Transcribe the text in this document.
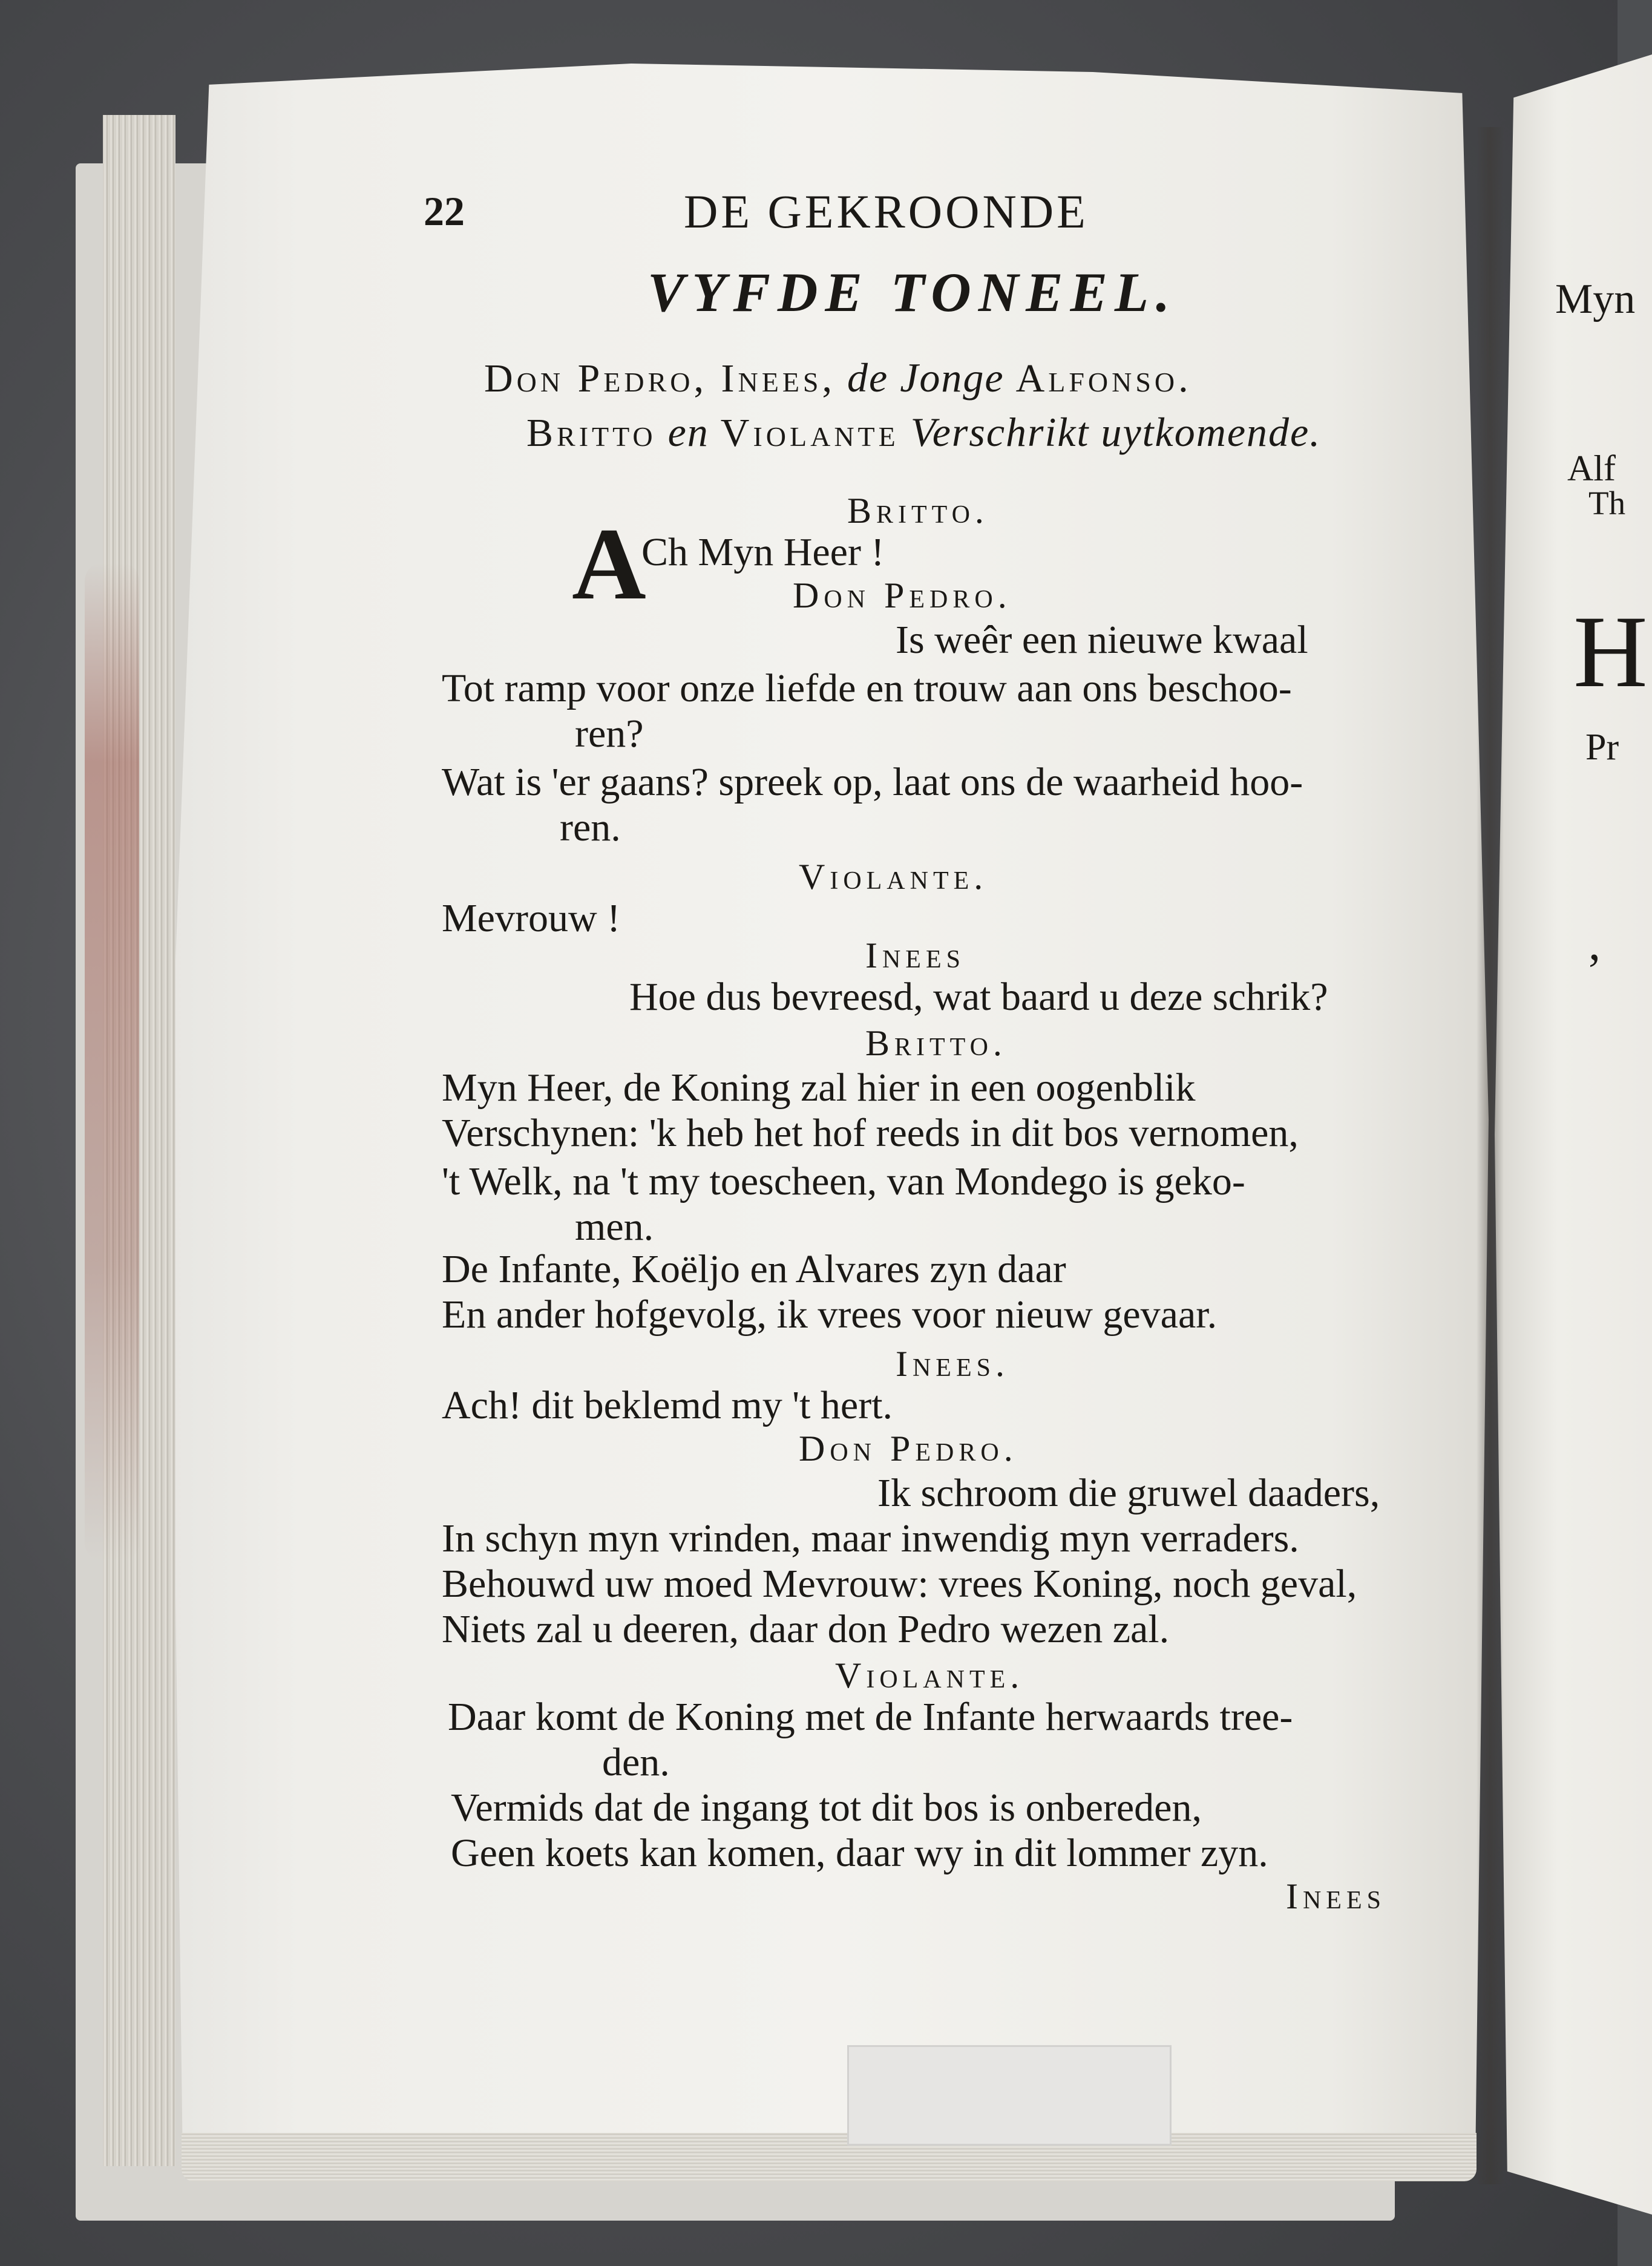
22	DE GEKROONDE
VYFDE TONEEL.
Don Pedro, Inees, de Jonge Alfonso.
Britto en Violante Verschrikt uytkomende.
Britto.
A
Ch Myn Heer !
Don Pedro.
Is weêr een nieuwe kwaal
Tot ramp voor onze liefde en trouw aan ons beschoo-
ren?
Wat is 'er gaans? spreek op, laat ons de waarheid hoo-
ren.
Violante.
Mevrouw !
Inees
Hoe dus bevreesd, wat baard u deze schrik?
Britto.
Myn Heer, de Koning zal hier in een oogenblik
Verschynen: 'k heb het hof reeds in dit bos vernomen,
't Welk, na 't my toescheen, van Mondego is geko-
men.
De Infante, Koëljo en Alvares zyn daar
En ander hofgevolg, ik vrees voor nieuw gevaar.
Inees.
Ach! dit beklemd my 't hert.
Don Pedro.
Ik schroom die gruwel daaders,
In schyn myn vrinden, maar inwendig myn verraders.
Behouwd uw moed Mevrouw: vrees Koning, noch geval,
Niets zal u deeren, daar don Pedro wezen zal.
Violante.
Daar komt de Koning met de Infante herwaards tree-
den.
Vermids dat de ingang tot dit bos is onbereden,
Geen koets kan komen, daar wy in dit lommer zyn.
Inees
Myn
Alf
Th
H
Pr
,
